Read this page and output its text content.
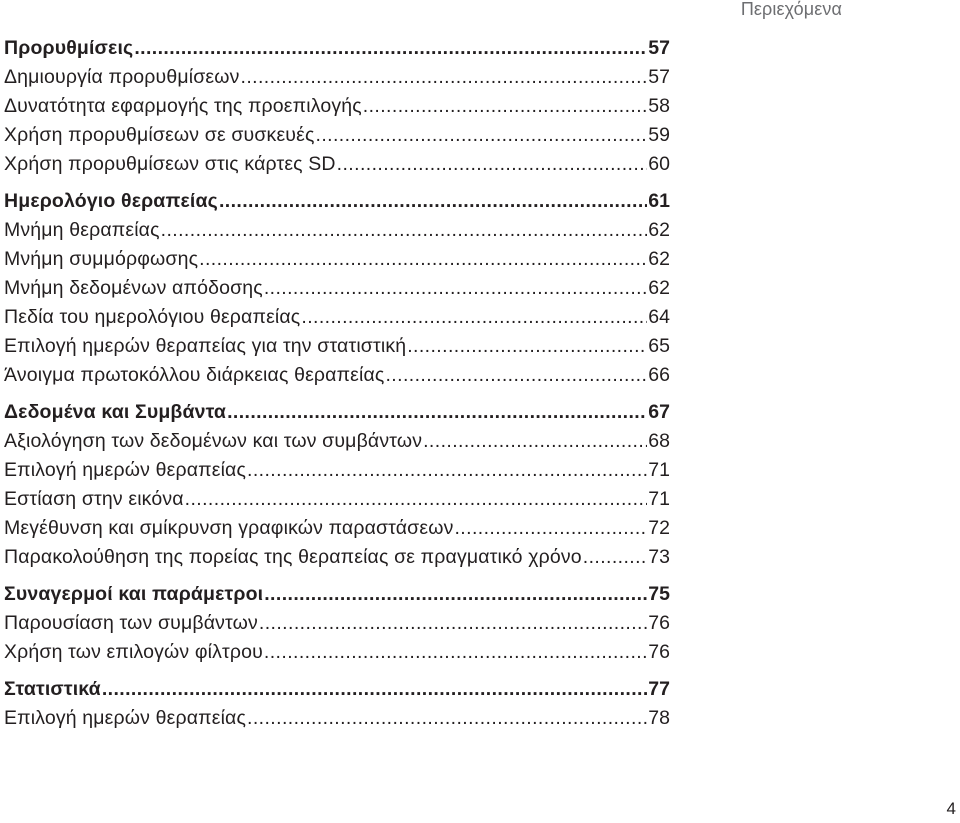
Περιεχόμενα
Προρυθμίσεις .....	57
Δημιουργία προρυθμίσεων .....	57
Δυνατότητα εφαρμογής της προεπιλογής .....	58
Χρήση προρυθμίσεων σε συσκευές .....	59
Χρήση προρυθμίσεων στις κάρτες SD .....	60
Ημερολόγιο θεραπείας .....	61
Μνήμη θεραπείας .....	62
Μνήμη συμμόρφωσης .....	62
Μνήμη δεδομένων απόδοσης .....	62
Πεδία του ημερολόγιου θεραπείας .....	64
Επιλογή ημερών θεραπείας για την στατιστική .....	65
Άνοιγμα πρωτοκόλλου διάρκειας θεραπείας .....	66
Δεδομένα και Συμβάντα .....	67
Αξιολόγηση των δεδομένων και των συμβάντων .....	68
Επιλογή ημερών θεραπείας .....	71
Εστίαση στην εικόνα .....	71
Μεγέθυνση και σμίκρυνση γραφικών παραστάσεων .....	72
Παρακολούθηση της πορείας της θεραπείας σε πραγματικό χρόνο .....	73
Συναγερμοί και παράμετροι .....	75
Παρουσίαση των συμβάντων .....	76
Χρήση των επιλογών φίλτρου .....	76
Στατιστικά .....	77
Επιλογή ημερών θεραπείας .....	78
4
